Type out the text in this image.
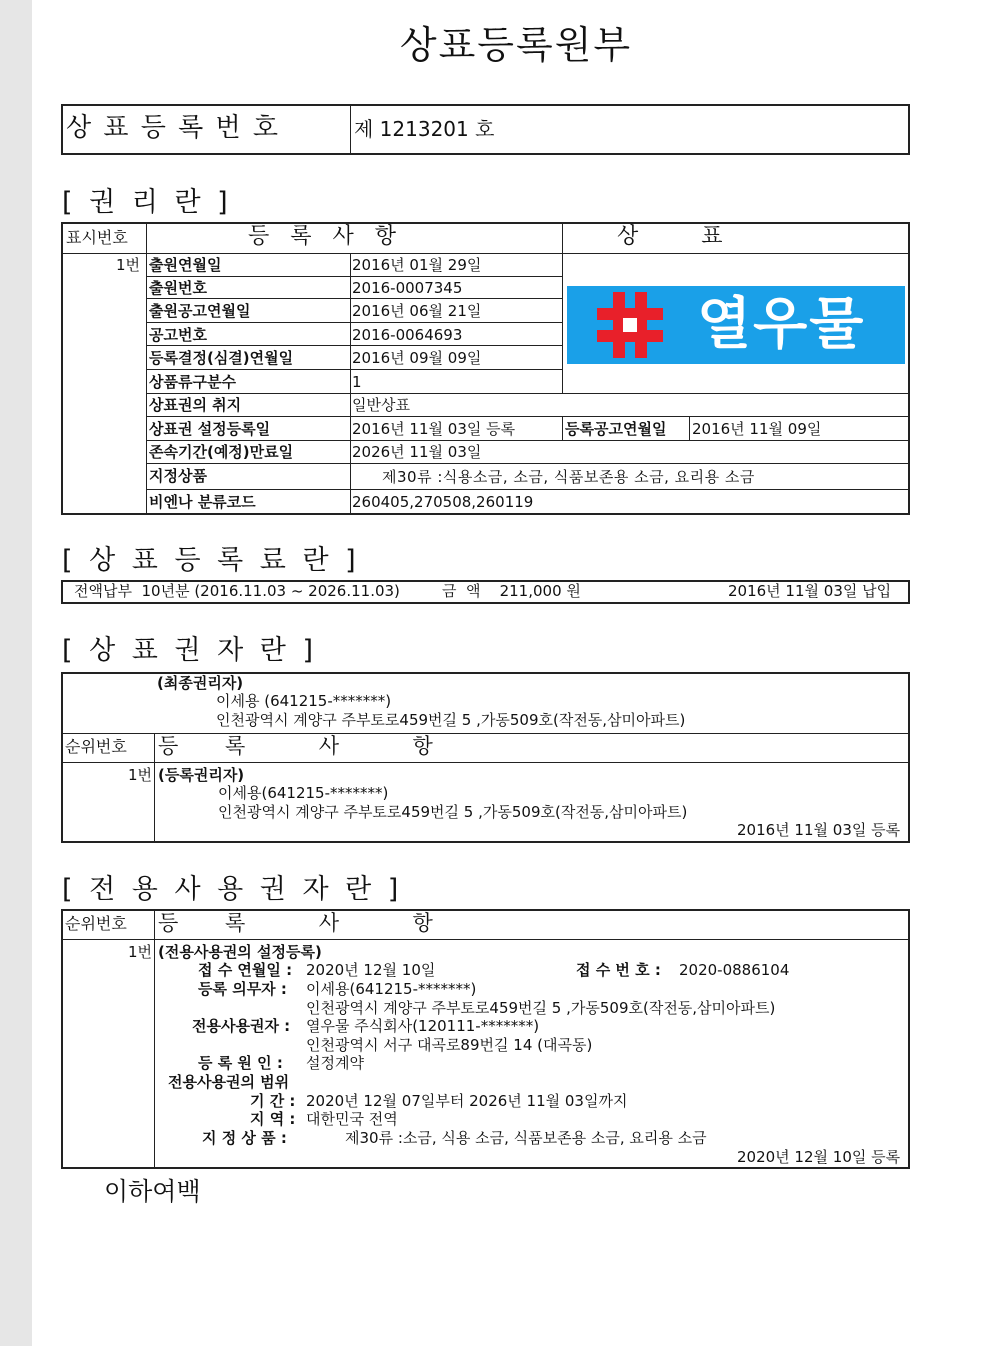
상표등록원부
상 표 등 록 번 호	제 1213201 호
[ 권 리 란 ]
표시번호	등   록   사   항	상         표
1번 출원연월일	2016년 01월 29일
출원번호	2016-0007345
출원공고연월일	2016년 06월 21일
공고번호	2016-0064693
등록결정(심결)연월일	2016년 09월 09일
상품류구분수	1
상표권의 취지	일반상표
상표권 설정등록일	2016년 11월 03일 등록	등록공고연월일 2016년 11월 09일
존속기간(예정)만료일	2026년 11월 03일
지정상품	제30류 :식용소금, 소금, 식품보존용 소금, 요리용 소금
비엔나 분류코드	260405,270508,260119
열우물
[ 상 표 등 록 료 란 ]
전액납부  10년분 (2016.11.03 ~ 2026.11.03)	금  액    211,000 원	2016년 11월 03일 납입
[ 상 표 권 자 란 ]
(최종권리자)
이세용 (641215-*******)
인천광역시 계양구 주부토로459번길 5 ,가동509호(작전동,삼미아파트)
순위번호 등       록           사           항
1번 (등록권리자)
이세용(641215-*******)
인천광역시 계양구 주부토로459번길 5 ,가동509호(작전동,삼미아파트)
2016년 11월 03일 등록
[ 전 용 사 용 권 자 란 ]
순위번호 등       록           사           항
1번 (전용사용권의 설정등록)
접 수 연월일 : 2020년 12월 10일	접 수 번 호 : 2020-0886104
등록 의무자 : 이세용(641215-*******)
인천광역시 계양구 주부토로459번길 5 ,가동509호(작전동,삼미아파트)
전용사용권자 : 열우물 주식회사(120111-*******)
인천광역시 서구 대곡로89번길 14 (대곡동)
등 록 원 인 : 설정계약
전용사용권의 범위
기 간 : 2020년 12월 07일부터 2026년 11월 03일까지
지 역 : 대한민국 전역
지 정 상 품 :	제30류 :소금, 식용 소금, 식품보존용 소금, 요리용 소금
2020년 12월 10일 등록
이하여백
